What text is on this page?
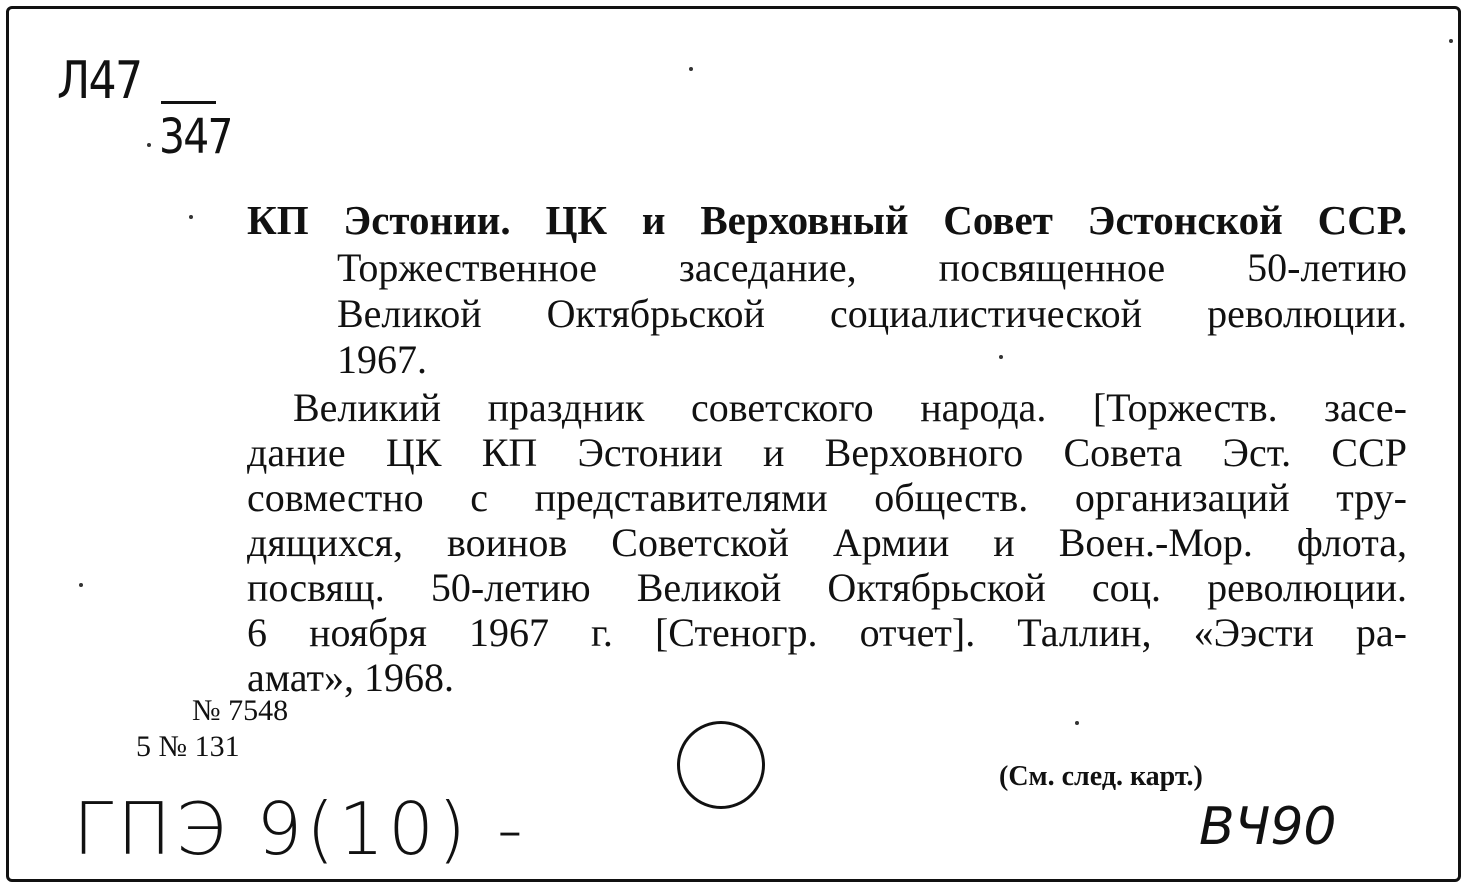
Л47
347
КП Эстонии. ЦК и Верховный Совет Эстонской ССР.
Торжественное заседание, посвященное 50-летию
Великой Октябрьской социалистической революции.
1967.
Великий праздник советского народа. [Торжеств. засе-
дание ЦК КП Эстонии и Верховного Совета Эст. ССР
совместно с представителями обществ. организаций тру-
дящихся, воинов Советской Армии и Воен.-Мор. флота,
посвящ. 50-летию Великой Октябрьской соц. революции.
6 ноября 1967 г. [Стеногр. отчет]. Таллин, «Ээсти ра-
амат», 1968.
№ 7548
5 № 131
(См. след. карт.)
ГПЭ 9(10) -	ВЧ90
